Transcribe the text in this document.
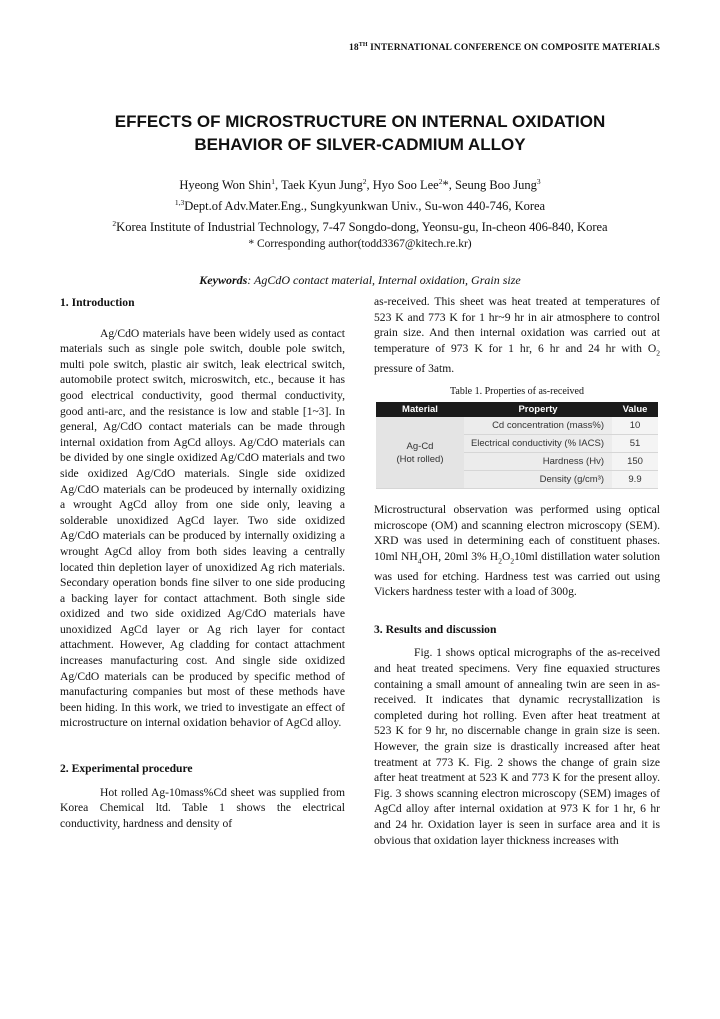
18TH INTERNATIONAL CONFERENCE ON COMPOSITE MATERIALS
EFFECTS OF MICROSTRUCTURE ON INTERNAL OXIDATION
BEHAVIOR OF SILVER-CADMIUM ALLOY
Hyeong Won Shin$^1$, Taek Kyun Jung$^2$, Hyo Soo Lee$^2$*, Seung Boo Jung$^3$
$^{1,3}$Dept.of Adv.Mater.Eng., Sungkyunkwan Univ., Su-won 440-746, Korea
$^2$Korea Institute of Industrial Technology, 7-47 Songdo-dong, Yeonsu-gu, In-cheon 406-840, Korea
* Corresponding author(todd3367@kitech.re.kr)
Keywords: AgCdO contact material, Internal oxidation, Grain size
1. Introduction

Ag/CdO materials have been widely used as contact materials such as single pole switch, double pole switch, multi pole switch, plastic air switch, leak electrical switch, automobile protect switch, microswitch, etc., because it has good electrical conductivity, good thermal conductivity, good anti-arc, and the resistance is low and stable [1~3]. In general, Ag/CdO contact materials can be made through internal oxidation from AgCd alloys. Ag/CdO materials can be divided by one single oxidized Ag/CdO materials and two side oxidized Ag/CdO materials. Single side oxidized Ag/CdO materials can be prodeuced by internally oxidizing a wrought AgCd alloy from one side only, leaving a solderable unoxidized AgCd layer. Two side oxidized Ag/CdO materials can be produced by internally oxidizing a wrought AgCd alloy from both sides leaving a centrally located thin depletion layer of unoxidized Ag rich materials. Secondary operation bonds fine silver to one side producing a backing layer for contact attachment. Both single side oxidized and two side oxidized Ag/CdO materials have unoxidized AgCd layer or Ag rich layer for contact attachment. However, Ag cladding for contact attachment increases manufacturing cost. And single side oxidized Ag/CdO materials can be produced by specific method of manufacturing companies but most of these methods have been hiding. In this work, we tried to investigate an effect of microstructure on internal oxidation behavior of AgCd alloy.

2. Experimental procedure

Hot rolled Ag-10mass%Cd sheet was supplied from Korea Chemical ltd. Table 1 shows the electrical conductivity, hardness and density of

as-received. This sheet was heat treated at temperatures of 523 K and 773 K for 1 hr~9 hr in air atmosphere to control grain size. And then internal oxidation was carried out at temperature of 973 K for 1 hr, 6 hr and 24 hr with $O_2$ pressure of 3atm.

Table 1. Properties of as-received
Material	Property	Value
Ag-Cd
(Hot rolled)	Cd concentration (mass%)	10
	Electrical conductivity (% IACS)	51
	Hardness (Hv)	150
	Density (g/cm³)	9.9

Microstructural observation was performed using optical microscope (OM) and scanning electron microscopy (SEM). XRD was used in determining each of constituent phases. 10ml $NH_4OH$, 20ml 3% $H_2O_210ml$ distillation water solution was used for etching. Hardness test was carried out using Vickers hardness tester with a load of 300g.

3. Results and discussion

Fig. 1 shows optical micrographs of the as-received and heat treated specimens. Very fine equaxied structures containing a small amount of annealing twin are seen in as-received. It indicates that dynamic recrystallization is completed during hot rolling. Even after heat treatment at 523 K for 9 hr, no discernable change in grain size is seen. However, the grain size is drastically increased after heat treatment at 773 K. Fig. 2 shows the change of grain size after heat treatment at 523 K and 773 K for the present alloy. Fig. 3 shows scanning electron microscopy (SEM) images of AgCd alloy after internal oxidation at 973 K for 1 hr, 6 hr and 24 hr. Oxidation layer is seen in surface area and it is obvious that oxidation layer thickness increases with
